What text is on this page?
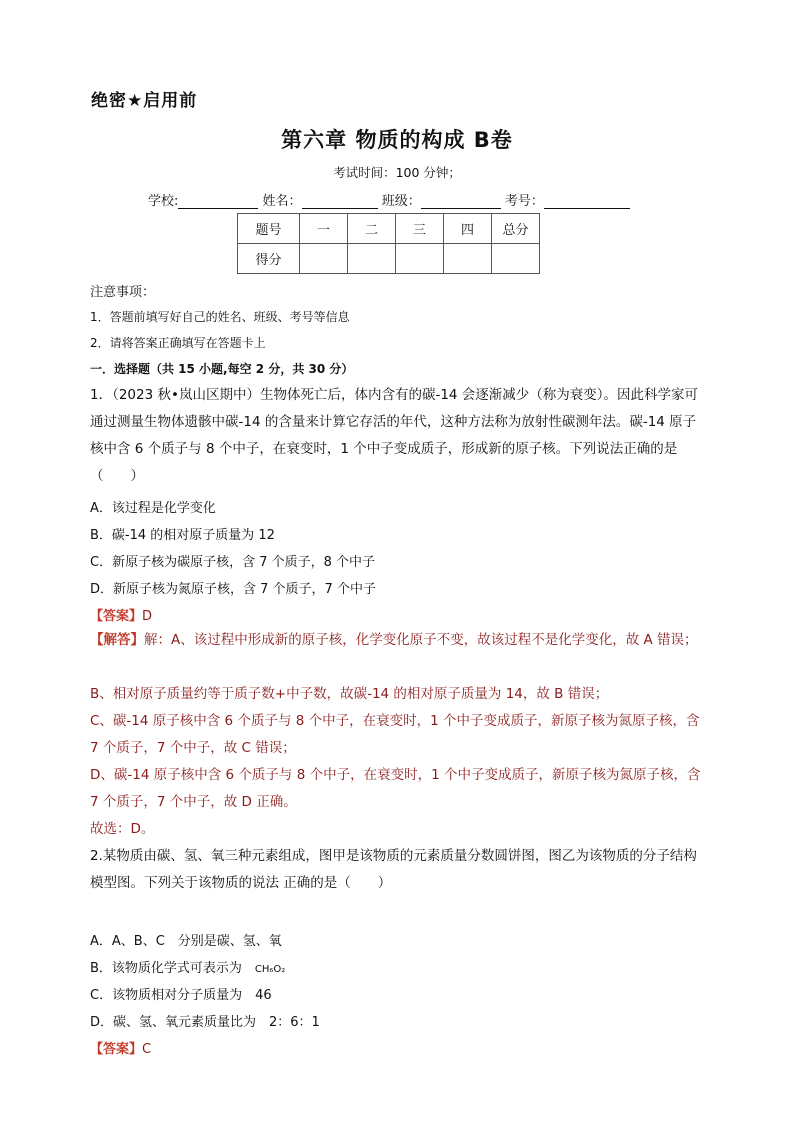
绝密★启用前
第六章 物质的构成 B卷
考试时间：100 分钟；
学校:	姓名：	班级：	考号：
题号	一	二	三	四	总分
得分					
注意事项：
1．答题前填写好自己的姓名、班级、考号等信息
2．请将答案正确填写在答题卡上
一．选择题（共 15 小题,每空 2 分，共 30 分）
1．（2023 秋•岚山区期中）生物体死亡后，体内含有的碳-14 会逐渐减少（称为衰变）。因此科学家可通过测量生物体遗骸中碳-14 的含量来计算它存活的年代，这种方法称为放射性碳测年法。碳-14 原子核中含 6 个质子与 8 个中子，在衰变时，1 个中子变成质子，形成新的原子核。下列说法正确的是（　　）
A．该过程是化学变化
B．碳-14 的相对原子质量为 12
C．新原子核为碳原子核，含 7 个质子，8 个中子
D．新原子核为氮原子核，含 7 个质子，7 个中子
【答案】D
【解答】解：A、该过程中形成新的原子核，化学变化原子不变，故该过程不是化学变化，故 A 错误；
B、相对原子质量约等于质子数+中子数，故碳-14 的相对原子质量为 14，故 B 错误；
C、碳-14 原子核中含 6 个质子与 8 个中子，在衰变时，1 个中子变成质子，新原子核为氮原子核，含 7 个质子，7 个中子，故 C 错误；
D、碳-14 原子核中含 6 个质子与 8 个中子，在衰变时，1 个中子变成质子，新原子核为氮原子核，含 7 个质子，7 个中子，故 D 正确。
故选：D。
2.某物质由碳、氢、氧三种元素组成，图甲是该物质的元素质量分数圆饼图，图乙为该物质的分子结构模型图。下列关于该物质的说法 正确的是（　　）
A．A、B、C　分别是碳、氢、氧
B．该物质化学式可表示为　CH₆O₂
C．该物质相对分子质量为　46
D．碳、氢、氧元素质量比为　2：6：1
【答案】C
